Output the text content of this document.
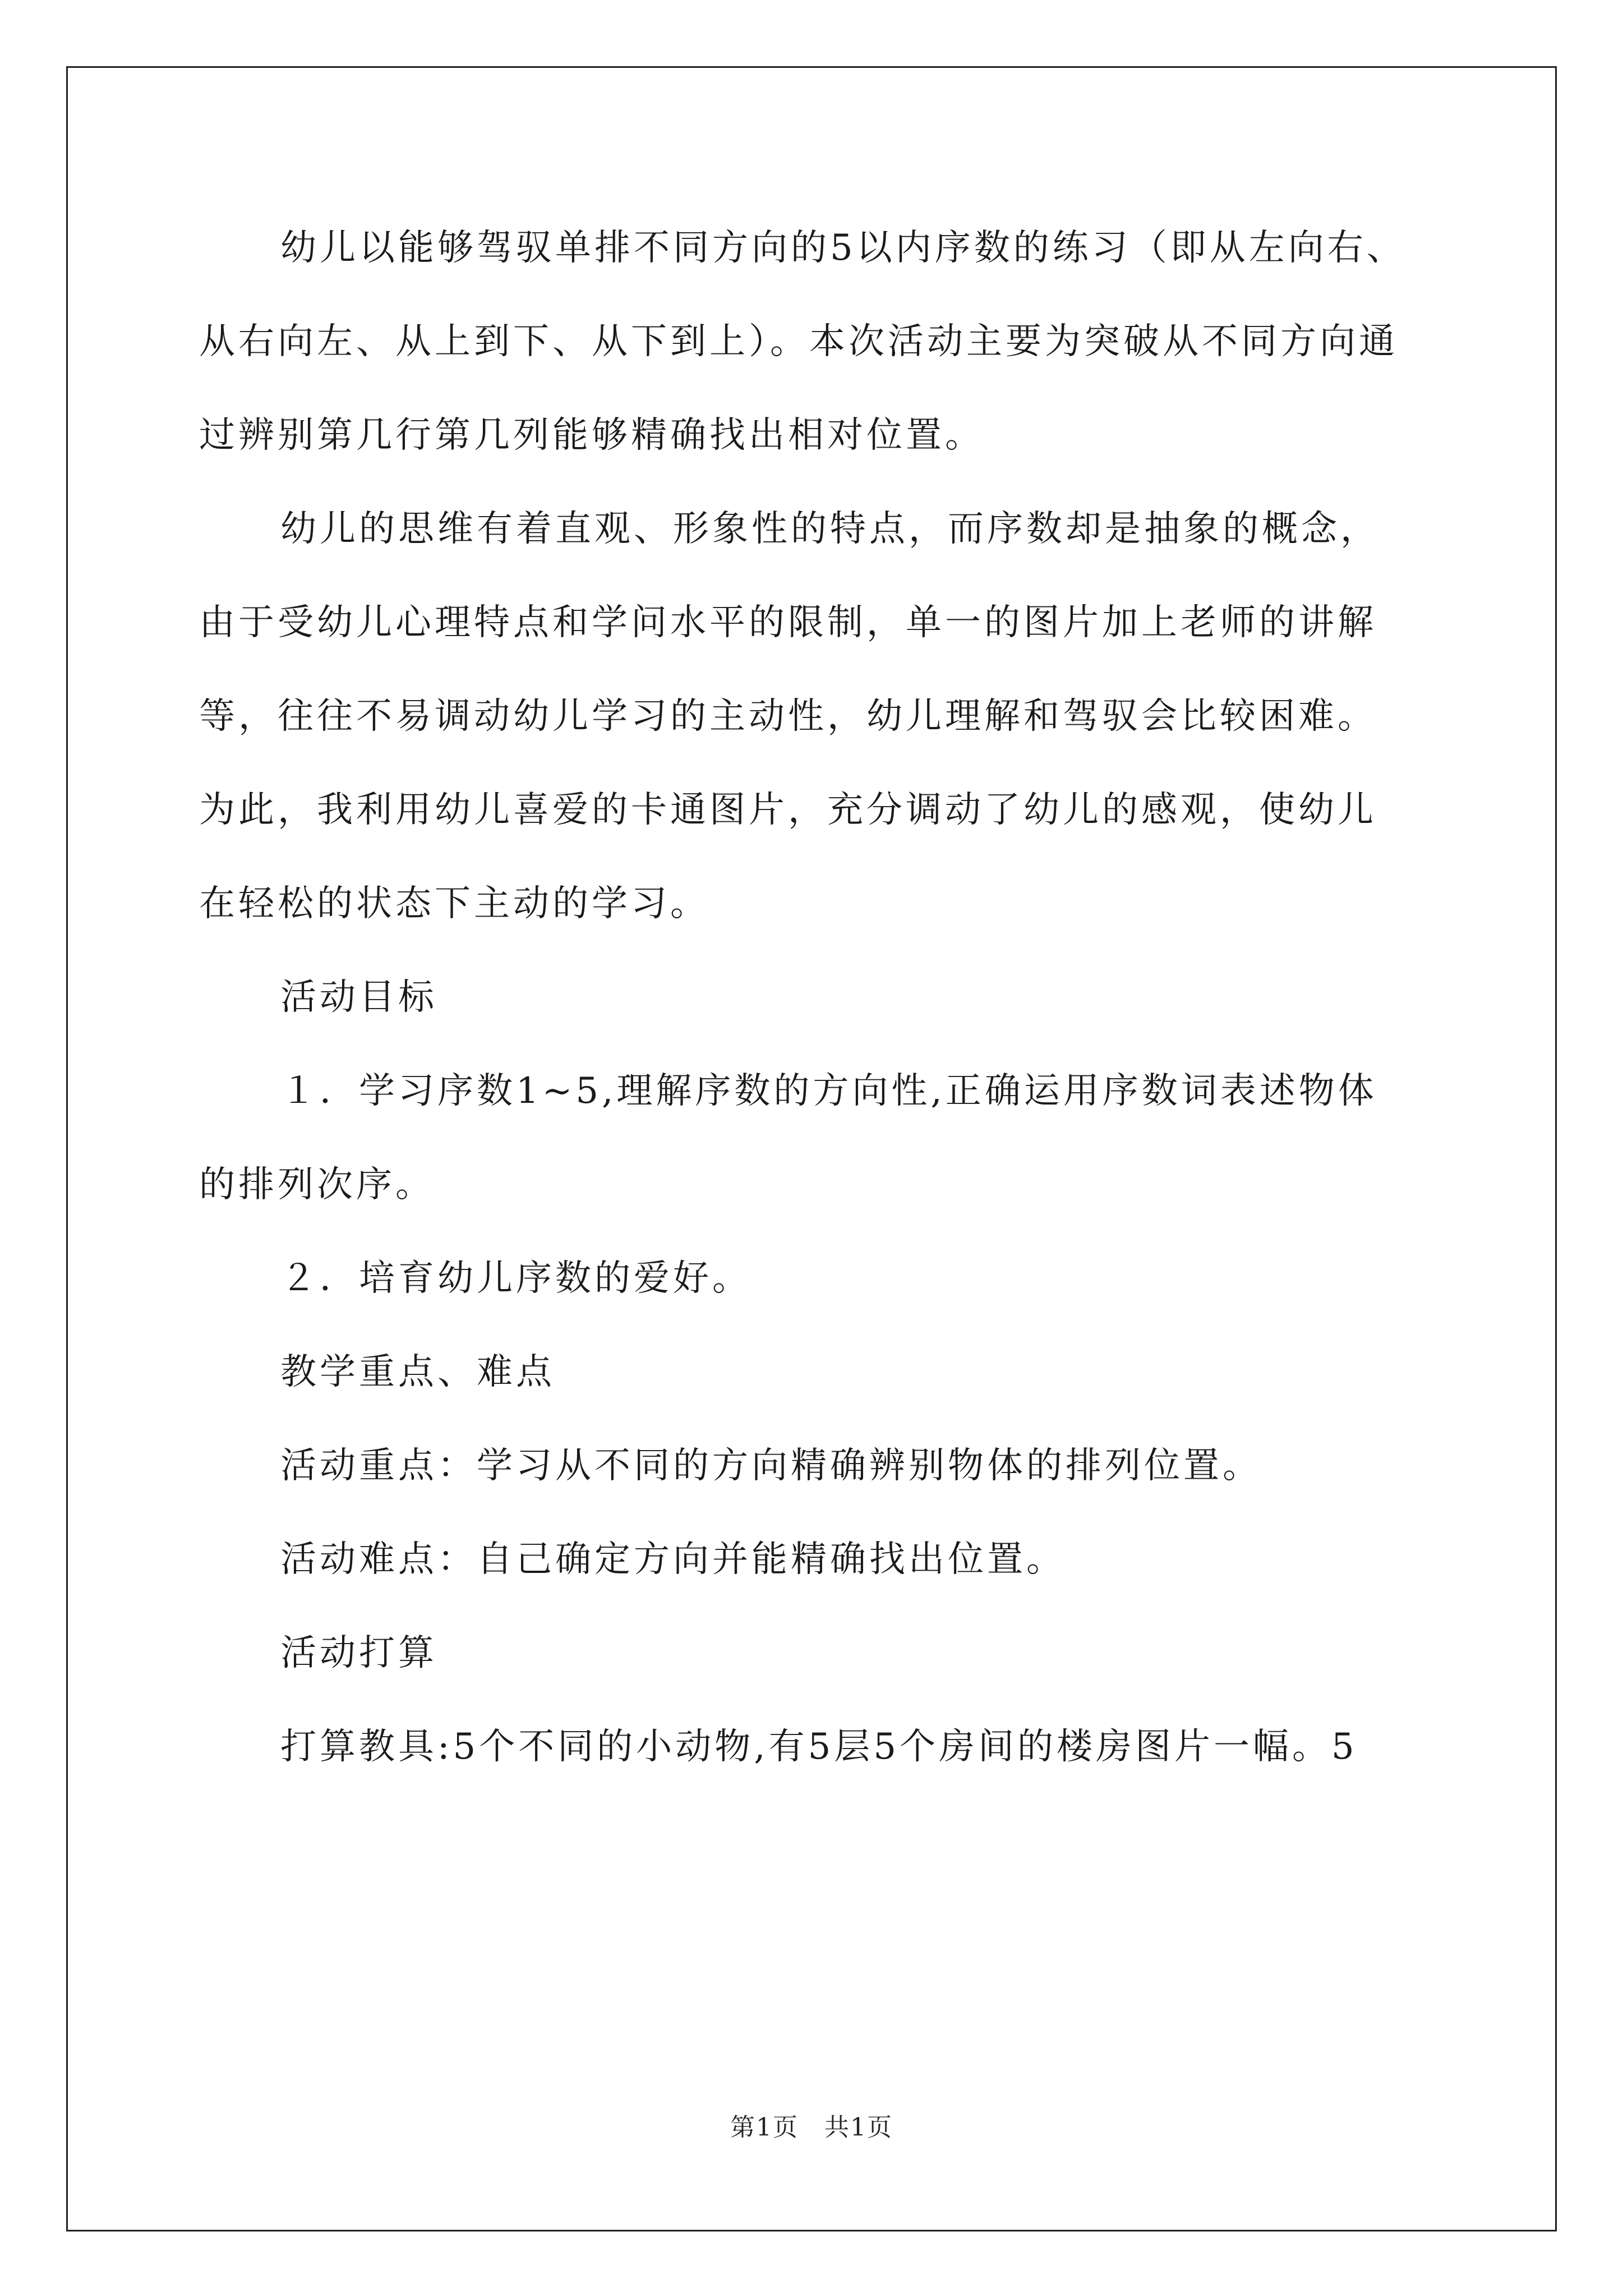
幼儿以能够驾驭单排不同方向的5以内序数的练习（即从左向右、
从右向左、从上到下、从下到上）。本次活动主要为突破从不同方向通
过辨别第几行第几列能够精确找出相对位置。
幼儿的思维有着直观、形象性的特点，而序数却是抽象的概念，
由于受幼儿心理特点和学问水平的限制，单一的图片加上老师的讲解
等，往往不易调动幼儿学习的主动性，幼儿理解和驾驭会比较困难。
为此，我利用幼儿喜爱的卡通图片，充分调动了幼儿的感观，使幼儿
在轻松的状态下主动的学习。
活动目标
１．学习序数1~5,理解序数的方向性,正确运用序数词表述物体
的排列次序。
２．培育幼儿序数的爱好。
教学重点、难点
活动重点：学习从不同的方向精确辨别物体的排列位置。
活动难点：自己确定方向并能精确找出位置。
活动打算
打算教具:5个不同的小动物,有5层5个房间的楼房图片一幅。5
第1页　共1页
